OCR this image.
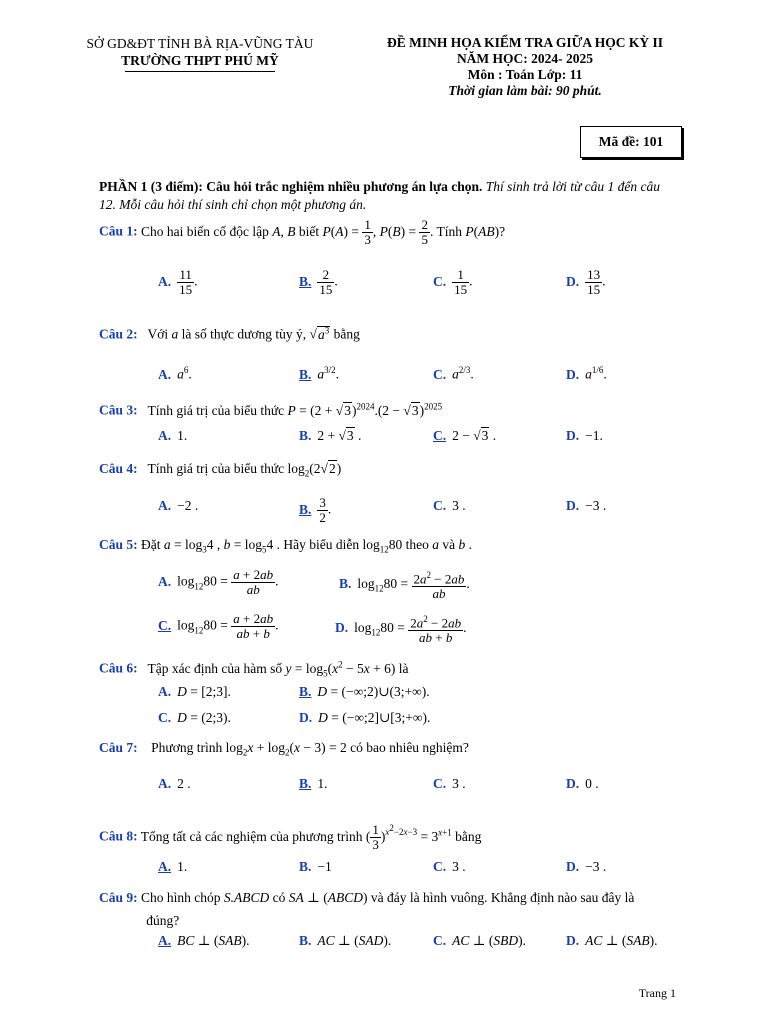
SỞ GD&ĐT TỈNH BÀ RỊA-VŨNG TÀU
TRƯỜNG THPT PHÚ MỸ
ĐỀ MINH HỌA KIỂM TRA GIỮA HỌC KỲ II
NĂM HỌC: 2024- 2025
Môn : Toán Lớp: 11
Thời gian làm bài: 90 phút.
Mã đề: 101
PHẦN 1 (3 điểm): Câu hỏi trắc nghiệm nhiều phương án lựa chọn. Thí sinh trả lời từ câu 1 đến câu 12. Mỗi câu hỏi thí sinh chỉ chọn một phương án.
Câu 1: Cho hai biến cố độc lập A, B biết $P(A) = \frac{1}{3}$ , $P(B) = \frac{2}{5}$ . Tính P(AB)?
A. $\frac{11}{15}$ .	B. $\frac{2}{15}$ .	C. $\frac{1}{15}$ .	D. $\frac{13}{15}$ .
Câu 2:   Với a là số thực dương tùy ý, $√a^3$ bằng
A. $a^6$.	B. $a^{3/2}$.	C. $a^{2/3}$.	D. $a^{1/6}$.
Câu 3:   Tính giá trị của biểu thức $P = (2 + √3)^{2024}.(2 - √3)^{2025}$
A. 1.	B. 2 + √3 .	C. 2 − √3 .	D. −1.
Câu 4:   Tính giá trị của biểu thức $\log_2(2√2)$
A. −2 .	B. $\frac{3}{2}$ .	C. 3 .	D. −3 .
Câu 5: Đặt $a = \log_34$ , $b = \log_54$ . Hãy biểu diễn $\log_{12}80$ theo a và b .
A. $\log_{12}80 = \frac{a + 2ab}{ab}$ .	B. $\log_{12}80 = \frac{2a^2 - 2ab}{ab}$ .
C. $\log_{12}80 = \frac{a + 2ab}{ab + b}$ .	D. $\log_{12}80 = \frac{2a^2 - 2ab}{ab + b}$ .
Câu 6:   Tập xác định của hàm số $y = \log_5(x^2 - 5x + 6)$ là
A. D = [2;3].	B. D = (−∞;2)∪(3;+∞).
C. D = (2;3).	D. D = (−∞;2]∪[3;+∞).
Câu 7:    Phương trình $\log_2x + \log_2(x - 3) = 2$ có bao nhiêu nghiệm?
A. 2 .	B. 1.	C. 3 .	D. 0 .
Câu 8: Tổng tất cả các nghiệm của phương trình ( $\frac{1}{3} )^{x^2-2x-3} = 3^{x+1}$ bằng
A. 1.	B. −1	C. 3 .	D. −3 .
Câu 9: Cho hình chóp S.ABCD có SA ⊥ (ABCD) và đáy là hình vuông. Khẳng định nào sau đây là
đúng?
A. BC ⊥ (SAB).	B. AC ⊥ (SAD).	C. AC ⊥ (SBD).	D. AC ⊥ (SAB).
Trang 1
